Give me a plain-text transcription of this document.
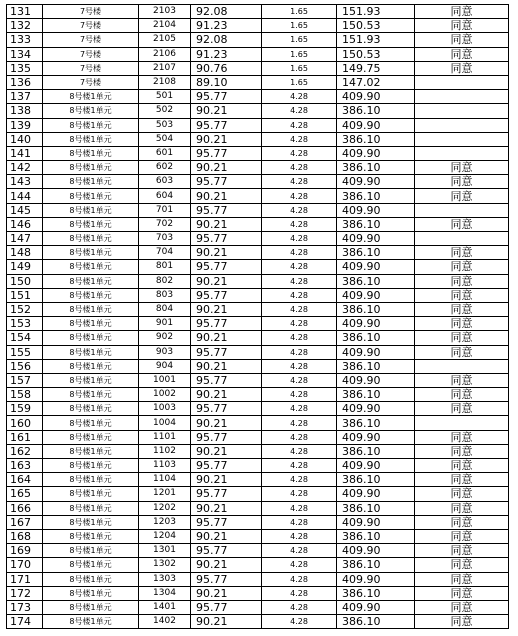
131	7号楼	2103	92.08	1.65	151.93	同意
132	7号楼	2104	91.23	1.65	150.53	同意
133	7号楼	2105	92.08	1.65	151.93	同意
134	7号楼	2106	91.23	1.65	150.53	同意
135	7号楼	2107	90.76	1.65	149.75	同意
136	7号楼	2108	89.10	1.65	147.02	
137	8号楼1单元	501	95.77	4.28	409.90	
138	8号楼1单元	502	90.21	4.28	386.10	
139	8号楼1单元	503	95.77	4.28	409.90	
140	8号楼1单元	504	90.21	4.28	386.10	
141	8号楼1单元	601	95.77	4.28	409.90	
142	8号楼1单元	602	90.21	4.28	386.10	同意
143	8号楼1单元	603	95.77	4.28	409.90	同意
144	8号楼1单元	604	90.21	4.28	386.10	同意
145	8号楼1单元	701	95.77	4.28	409.90	
146	8号楼1单元	702	90.21	4.28	386.10	同意
147	8号楼1单元	703	95.77	4.28	409.90	
148	8号楼1单元	704	90.21	4.28	386.10	同意
149	8号楼1单元	801	95.77	4.28	409.90	同意
150	8号楼1单元	802	90.21	4.28	386.10	同意
151	8号楼1单元	803	95.77	4.28	409.90	同意
152	8号楼1单元	804	90.21	4.28	386.10	同意
153	8号楼1单元	901	95.77	4.28	409.90	同意
154	8号楼1单元	902	90.21	4.28	386.10	同意
155	8号楼1单元	903	95.77	4.28	409.90	同意
156	8号楼1单元	904	90.21	4.28	386.10	
157	8号楼1单元	1001	95.77	4.28	409.90	同意
158	8号楼1单元	1002	90.21	4.28	386.10	同意
159	8号楼1单元	1003	95.77	4.28	409.90	同意
160	8号楼1单元	1004	90.21	4.28	386.10	
161	8号楼1单元	1101	95.77	4.28	409.90	同意
162	8号楼1单元	1102	90.21	4.28	386.10	同意
163	8号楼1单元	1103	95.77	4.28	409.90	同意
164	8号楼1单元	1104	90.21	4.28	386.10	同意
165	8号楼1单元	1201	95.77	4.28	409.90	同意
166	8号楼1单元	1202	90.21	4.28	386.10	同意
167	8号楼1单元	1203	95.77	4.28	409.90	同意
168	8号楼1单元	1204	90.21	4.28	386.10	同意
169	8号楼1单元	1301	95.77	4.28	409.90	同意
170	8号楼1单元	1302	90.21	4.28	386.10	同意
171	8号楼1单元	1303	95.77	4.28	409.90	同意
172	8号楼1单元	1304	90.21	4.28	386.10	同意
173	8号楼1单元	1401	95.77	4.28	409.90	同意
174	8号楼1单元	1402	90.21	4.28	386.10	同意
